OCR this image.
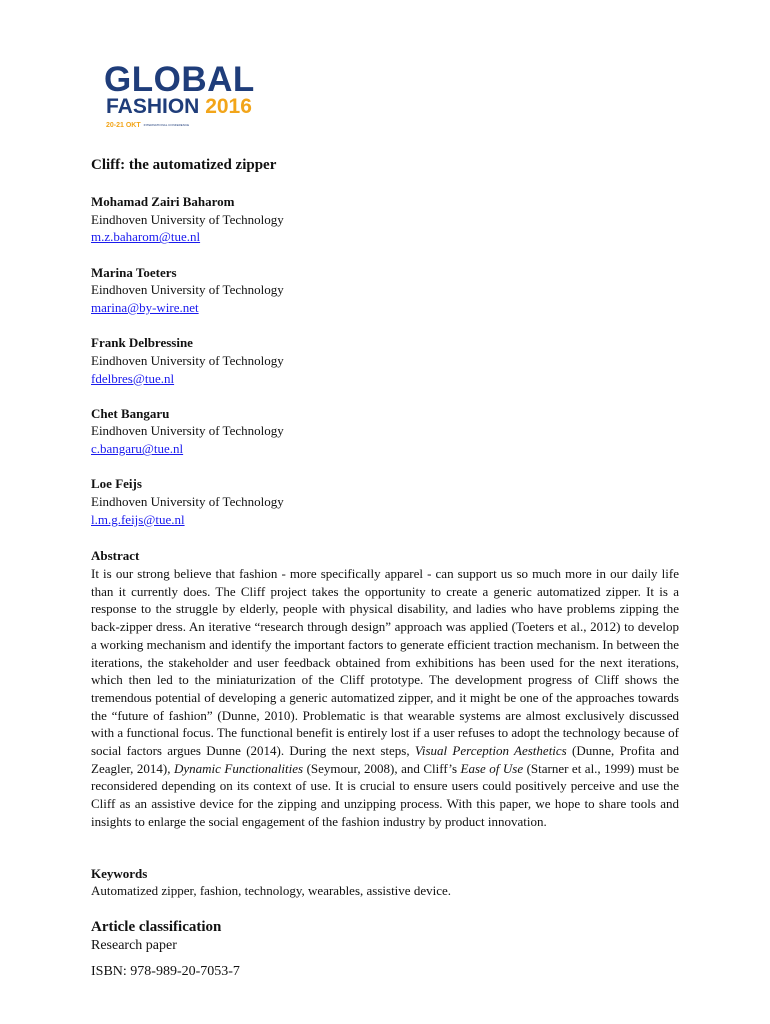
GLOBAL
FASHION 2016
20-21 OKT INTERNATIONAL CONFERENCE
Cliff: the automatized zipper
Mohamad Zairi Baharom
Eindhoven University of Technology
m.z.baharom@tue.nl
Marina Toeters
Eindhoven University of Technology
marina@by-wire.net
Frank Delbressine
Eindhoven University of Technology
fdelbres@tue.nl
Chet Bangaru
Eindhoven University of Technology
c.bangaru@tue.nl
Loe Feijs
Eindhoven University of Technology
l.m.g.feijs@tue.nl
Abstract

It is our strong believe that fashion - more specifically apparel - can support us so much more in our daily life than it currently does. The Cliff project takes the opportunity to create a generic automatized zipper. It is a response to the struggle by elderly, people with physical disability, and ladies who have problems zipping the back-zipper dress. An iterative “research through design” approach was applied (Toeters et al., 2012) to develop a working mechanism and identify the important factors to generate efficient traction mechanism. In between the iterations, the stakeholder and user feedback obtained from exhibitions has been used for the next iterations, which then led to the miniaturization of the Cliff prototype. The development progress of Cliff shows the tremendous potential of developing a generic automatized zipper, and it might be one of the approaches towards the “future of fashion” (Dunne, 2010). Problematic is that wearable systems are almost exclusively discussed with a functional focus. The functional benefit is entirely lost if a user refuses to adopt the technology because of social factors argues Dunne (2014). During the next steps, Visual Perception Aesthetics (Dunne, Profita and Zeagler, 2014), Dynamic Functionalities (Seymour, 2008), and Cliff’s Ease of Use (Starner et al., 1999) must be reconsidered depending on its context of use. It is crucial to ensure users could positively perceive and use the Cliff as an assistive device for the zipping and unzipping process. With this paper, we hope to share tools and insights to enlarge the social engagement of the fashion industry by product innovation.

Keywords
Automatized zipper, fashion, technology, wearables, assistive device.
Article classification
Research paper
ISBN: 978-989-20-7053-7
